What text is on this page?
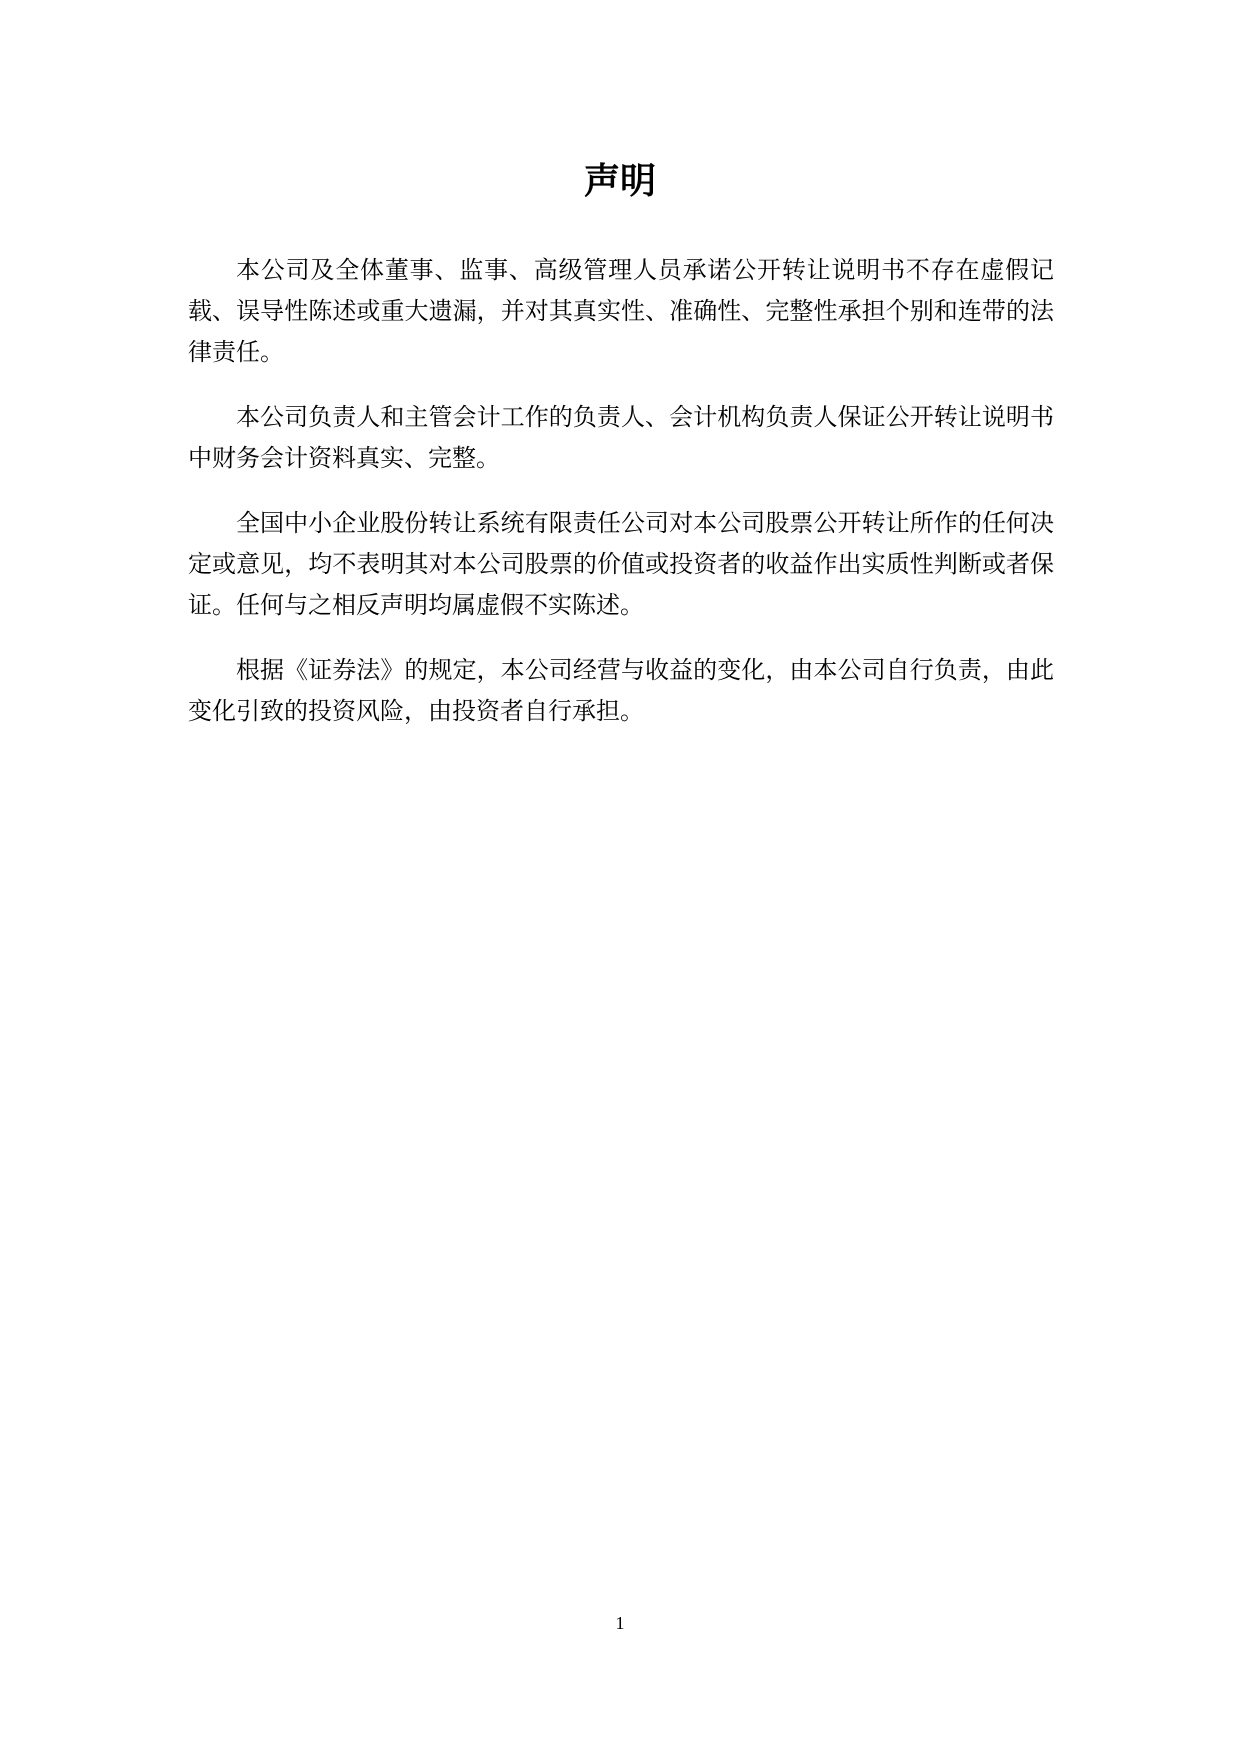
声明

本公司及全体董事、监事、高级管理人员承诺公开转让说明书不存在虚假记载、误导性陈述或重大遗漏，并对其真实性、准确性、完整性承担个别和连带的法律责任。

本公司负责人和主管会计工作的负责人、会计机构负责人保证公开转让说明书中财务会计资料真实、完整。

全国中小企业股份转让系统有限责任公司对本公司股票公开转让所作的任何决定或意见，均不表明其对本公司股票的价值或投资者的收益作出实质性判断或者保证。任何与之相反声明均属虚假不实陈述。

根据《证券法》的规定，本公司经营与收益的变化，由本公司自行负责，由此变化引致的投资风险，由投资者自行承担。

1
